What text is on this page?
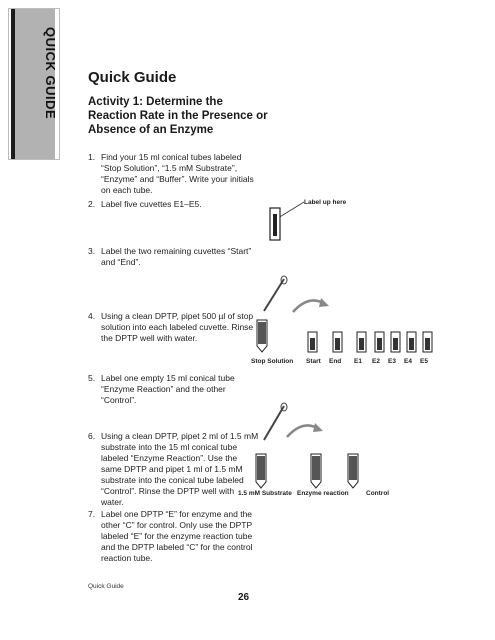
QUICK GUIDE Quick Guide
Activity 1: Determine the Reaction Rate in the Presence or Absence of an Enzyme
1. Find your 15 ml conical tubes labeled
“Stop Solution”, “1.5 mM Substrate”,
“Enzyme” and “Buffer”. Write your initials
on each tube.
2. Label five cuvettes E1–E5.
3. Label the two remaining cuvettes “Start”
and “End”.
4. Using a clean DPTP, pipet 500 µl of stop
solution into each labeled cuvette. Rinse
the DPTP well with water.
5. Label one empty 15 ml conical tube
“Enzyme Reaction” and the other
“Control”.
6. Using a clean DPTP, pipet 2 ml of 1.5 mM
substrate into the 15 ml conical tube
labeled “Enzyme Reaction”. Use the
same DPTP and pipet 1 ml of 1.5 mM
substrate into the conical tube labeled
“Control”. Rinse the DPTP well with
water.
7. Label one DPTP “E” for enzyme and the
other “C” for control. Only use the DPTP
labeled “E” for the enzyme reaction tube
and the DPTP labeled “C” for the control
reaction tube.
Label up here
Stop Solution Start End E1 E2 E3 E4 E5
1.5 mM Substrate Enzyme reaction	Control
Quick Guide
26
